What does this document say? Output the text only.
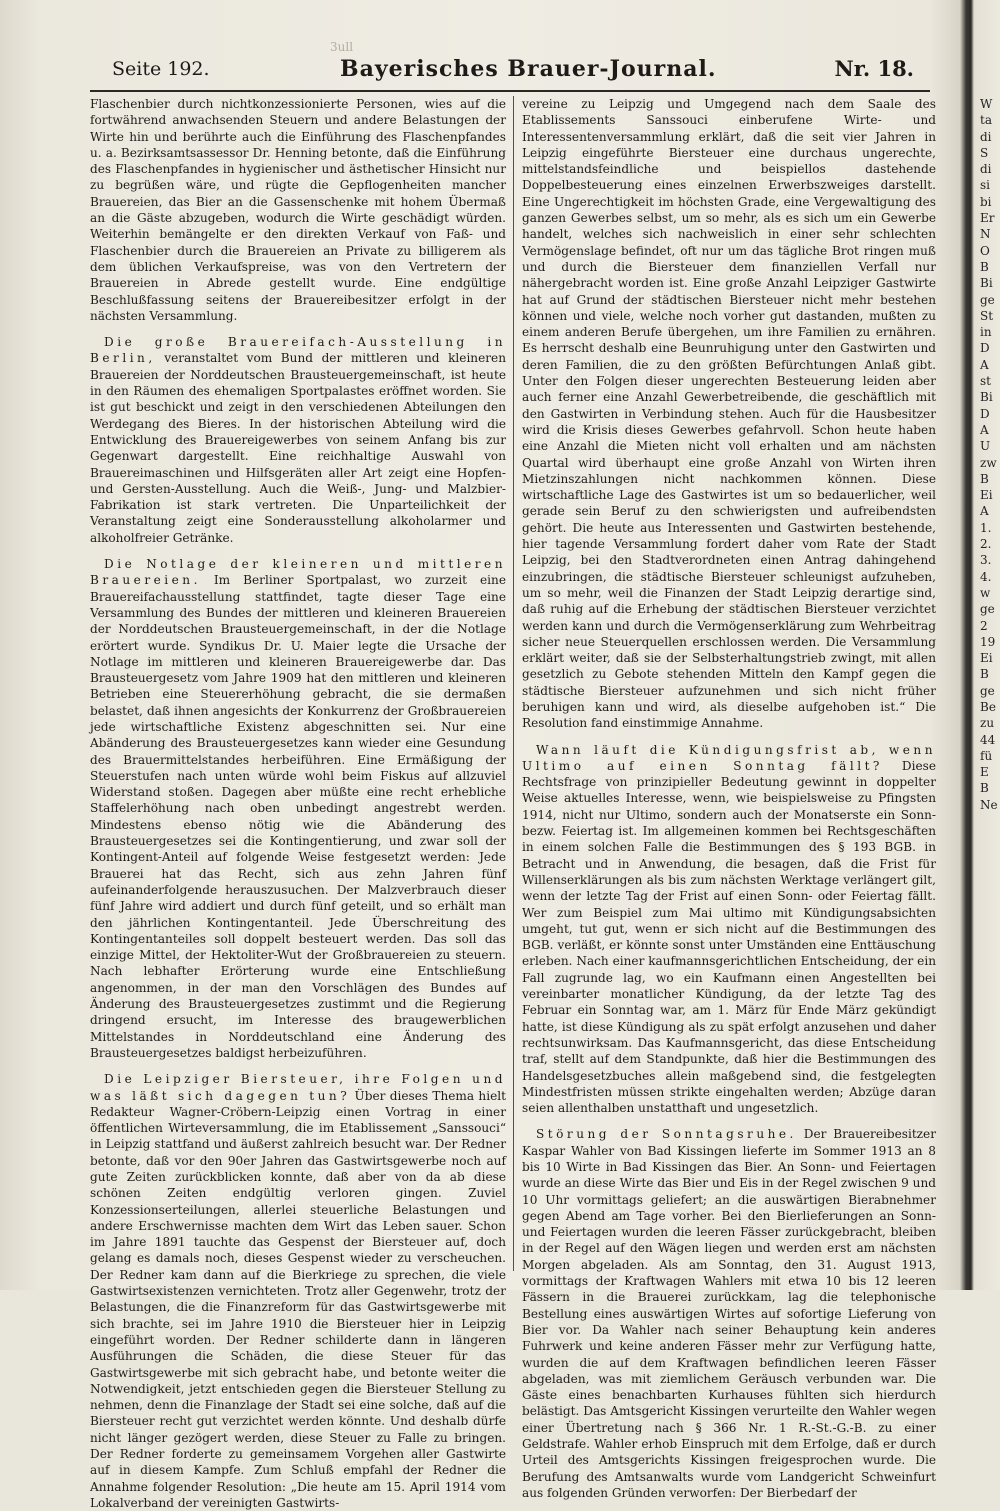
3ull
Seite 192.	Bayerisches Brauer-Journal.	Nr. 18.

Flaschenbier durch nichtkonzessionierte Personen, wies auf die fortwährend anwachsenden Steuern und andere Belastungen der Wirte hin und berührte auch die Einführung des Flaschenpfandes u. a. Bezirksamtsassessor Dr. Henning betonte, daß die Einführung des Flaschenpfandes in hygienischer und ästhetischer Hinsicht nur zu begrüßen wäre, und rügte die Gepflogenheiten mancher Brauereien, das Bier an die Gassenschenke mit hohem Übermaß an die Gäste abzugeben, wodurch die Wirte geschädigt würden. Weiterhin bemängelte er den direkten Verkauf von Faß- und Flaschenbier durch die Brauereien an Private zu billigerem als dem üblichen Verkaufspreise, was von den Vertretern der Brauereien in Abrede gestellt wurde. Eine endgültige Beschlußfassung seitens der Brauereibesitzer erfolgt in der nächsten Versammlung.

Die große Brauereifach-Ausstellung in Berlin, veranstaltet vom Bund der mittleren und kleineren Brauereien der Norddeutschen Brausteuergemeinschaft, ist heute in den Räumen des ehemaligen Sportpalastes eröffnet worden. Sie ist gut beschickt und zeigt in den verschiedenen Abteilungen den Werdegang des Bieres. In der historischen Abteilung wird die Entwicklung des Brauereigewerbes von seinem Anfang bis zur Gegenwart dargestellt. Eine reichhaltige Auswahl von Brauereimaschinen und Hilfsgeräten aller Art zeigt eine Hopfen- und Gersten-Ausstellung. Auch die Weiß-, Jung- und Malzbier-Fabrikation ist stark vertreten. Die Unparteilichkeit der Veranstaltung zeigt eine Sonderausstellung alkoholarmer und alkoholfreier Getränke.

Die Notlage der kleineren und mittleren Brauereien. Im Berliner Sportpalast, wo zurzeit eine Brauereifachausstellung stattfindet, tagte dieser Tage eine Versammlung des Bundes der mittleren und kleineren Brauereien der Norddeutschen Brausteuergemeinschaft, in der die Notlage erörtert wurde. Syndikus Dr. U. Maier legte die Ursache der Notlage im mittleren und kleineren Brauereigewerbe dar. Das Brausteuergesetz vom Jahre 1909 hat den mittleren und kleineren Betrieben eine Steuererhöhung gebracht, die sie dermaßen belastet, daß ihnen angesichts der Konkurrenz der Großbrauereien jede wirtschaftliche Existenz abgeschnitten sei. Nur eine Abänderung des Brausteuergesetzes kann wieder eine Gesundung des Brauermittelstandes herbeiführen. Eine Ermäßigung der Steuerstufen nach unten würde wohl beim Fiskus auf allzuviel Widerstand stoßen. Dagegen aber müßte eine recht erhebliche Staffelerhöhung nach oben unbedingt angestrebt werden. Mindestens ebenso nötig wie die Abänderung des Brausteuergesetzes sei die Kontingentierung, und zwar soll der Kontingent-Anteil auf folgende Weise festgesetzt werden: Jede Brauerei hat das Recht, sich aus zehn Jahren fünf aufeinanderfolgende herauszusuchen. Der Malzverbrauch dieser fünf Jahre wird addiert und durch fünf geteilt, und so erhält man den jährlichen Kontingentanteil. Jede Überschreitung des Kontingentanteiles soll doppelt besteuert werden. Das soll das einzige Mittel, der Hektoliter-Wut der Großbrauereien zu steuern. Nach lebhafter Erörterung wurde eine Entschließung angenommen, in der man den Vorschlägen des Bundes auf Änderung des Brausteuergesetzes zustimmt und die Regierung dringend ersucht, im Interesse des braugewerblichen Mittelstandes in Norddeutschland eine Änderung des Brausteuergesetzes baldigst herbeizuführen.

Die Leipziger Biersteuer, ihre Folgen und was läßt sich dagegen tun? Über dieses Thema hielt Redakteur Wagner-Cröbern-Leipzig einen Vortrag in einer öffentlichen Wirteversammlung, die im Etablissement „Sanssouci“ in Leipzig stattfand und äußerst zahlreich besucht war. Der Redner betonte, daß vor den 90er Jahren das Gastwirtsgewerbe noch auf gute Zeiten zurückblicken konnte, daß aber von da ab diese schönen Zeiten endgültig verloren gingen. Zuviel Konzessionserteilungen, allerlei steuerliche Belastungen und andere Erschwernisse machten dem Wirt das Leben sauer. Schon im Jahre 1891 tauchte das Gespenst der Biersteuer auf, doch gelang es damals noch, dieses Gespenst wieder zu verscheuchen. Der Redner kam dann auf die Bierkriege zu sprechen, die viele Gastwirtsexistenzen vernichteten. Trotz aller Gegenwehr, trotz der Belastungen, die die Finanzreform für das Gastwirtsgewerbe mit sich brachte, sei im Jahre 1910 die Biersteuer hier in Leipzig eingeführt worden. Der Redner schilderte dann in längeren Ausführungen die Schäden, die diese Steuer für das Gastwirtsgewerbe mit sich gebracht habe, und betonte weiter die Notwendigkeit, jetzt entschieden gegen die Biersteuer Stellung zu nehmen, denn die Finanzlage der Stadt sei eine solche, daß auf die Biersteuer recht gut verzichtet werden könnte. Und deshalb dürfe nicht länger gezögert werden, diese Steuer zu Falle zu bringen. Der Redner forderte zu gemeinsamem Vorgehen aller Gastwirte auf in diesem Kampfe. Zum Schluß empfahl der Redner die Annahme folgender Resolution: „Die heute am 15. April 1914 vom Lokalverband der vereinigten Gastwirts-

vereine zu Leipzig und Umgegend nach dem Saale des Etablissements Sanssouci einberufene Wirte- und Interessentenversammlung erklärt, daß die seit vier Jahren in Leipzig eingeführte Biersteuer eine durchaus ungerechte, mittelstandsfeindliche und beispiellos dastehende Doppelbesteuerung eines einzelnen Erwerbszweiges darstellt. Eine Ungerechtigkeit im höchsten Grade, eine Vergewaltigung des ganzen Gewerbes selbst, um so mehr, als es sich um ein Gewerbe handelt, welches sich nachweislich in einer sehr schlechten Vermögenslage befindet, oft nur um das tägliche Brot ringen muß und durch die Biersteuer dem finanziellen Verfall nur nähergebracht worden ist. Eine große Anzahl Leipziger Gastwirte hat auf Grund der städtischen Biersteuer nicht mehr bestehen können und viele, welche noch vorher gut dastanden, mußten zu einem anderen Berufe übergehen, um ihre Familien zu ernähren. Es herrscht deshalb eine Beunruhigung unter den Gastwirten und deren Familien, die zu den größten Befürchtungen Anlaß gibt. Unter den Folgen dieser ungerechten Besteuerung leiden aber auch ferner eine Anzahl Gewerbetreibende, die geschäftlich mit den Gastwirten in Verbindung stehen. Auch für die Hausbesitzer wird die Krisis dieses Gewerbes gefahrvoll. Schon heute haben eine Anzahl die Mieten nicht voll erhalten und am nächsten Quartal wird überhaupt eine große Anzahl von Wirten ihren Mietzinszahlungen nicht nachkommen können. Diese wirtschaftliche Lage des Gastwirtes ist um so bedauerlicher, weil gerade sein Beruf zu den schwierigsten und aufreibendsten gehört. Die heute aus Interessenten und Gastwirten bestehende, hier tagende Versammlung fordert daher vom Rate der Stadt Leipzig, bei den Stadtverordneten einen Antrag dahingehend einzubringen, die städtische Biersteuer schleunigst aufzuheben, um so mehr, weil die Finanzen der Stadt Leipzig derartige sind, daß ruhig auf die Erhebung der städtischen Biersteuer verzichtet werden kann und durch die Vermögenserklärung zum Wehrbeitrag sicher neue Steuerquellen erschlossen werden. Die Versammlung erklärt weiter, daß sie der Selbsterhaltungstrieb zwingt, mit allen gesetzlich zu Gebote stehenden Mitteln den Kampf gegen die städtische Biersteuer aufzunehmen und sich nicht früher beruhigen kann und wird, als dieselbe aufgehoben ist.“ Die Resolution fand einstimmige Annahme.

Wann läuft die Kündigungsfrist ab, wenn Ultimo auf einen Sonntag fällt? Diese Rechtsfrage von prinzipieller Bedeutung gewinnt in doppelter Weise aktuelles Interesse, wenn, wie beispielsweise zu Pfingsten 1914, nicht nur Ultimo, sondern auch der Monatserste ein Sonn- bezw. Feiertag ist. Im allgemeinen kommen bei Rechtsgeschäften in einem solchen Falle die Bestimmungen des § 193 BGB. in Betracht und in Anwendung, die besagen, daß die Frist für Willenserklärungen als bis zum nächsten Werktage verlängert gilt, wenn der letzte Tag der Frist auf einen Sonn- oder Feiertag fällt. Wer zum Beispiel zum Mai ultimo mit Kündigungsabsichten umgeht, tut gut, wenn er sich nicht auf die Bestimmungen des BGB. verläßt, er könnte sonst unter Umständen eine Enttäuschung erleben. Nach einer kaufmannsgerichtlichen Entscheidung, der ein Fall zugrunde lag, wo ein Kaufmann einen Angestellten bei vereinbarter monatlicher Kündigung, da der letzte Tag des Februar ein Sonntag war, am 1. März für Ende März gekündigt hatte, ist diese Kündigung als zu spät erfolgt anzusehen und daher rechtsunwirksam. Das Kaufmannsgericht, das diese Entscheidung traf, stellt auf dem Standpunkte, daß hier die Bestimmungen des Handelsgesetzbuches allein maßgebend sind, die festgelegten Mindestfristen müssen strikte eingehalten werden; Abzüge daran seien allenthalben unstatthaft und ungesetzlich.

Störung der Sonntagsruhe. Der Brauereibesitzer Kaspar Wahler von Bad Kissingen lieferte im Sommer 1913 an 8 bis 10 Wirte in Bad Kissingen das Bier. An Sonn- und Feiertagen wurde an diese Wirte das Bier und Eis in der Regel zwischen 9 und 10 Uhr vormittags geliefert; an die auswärtigen Bierabnehmer gegen Abend am Tage vorher. Bei den Bierlieferungen an Sonn- und Feiertagen wurden die leeren Fässer zurückgebracht, bleiben in der Regel auf den Wägen liegen und werden erst am nächsten Morgen abgeladen. Als am Sonntag, den 31. August 1913, vormittags der Kraftwagen Wahlers mit etwa 10 bis 12 leeren Fässern in die Brauerei zurückkam, lag die telephonische Bestellung eines auswärtigen Wirtes auf sofortige Lieferung von Bier vor. Da Wahler nach seiner Behauptung kein anderes Fuhrwerk und keine anderen Fässer mehr zur Verfügung hatte, wurden die auf dem Kraftwagen befindlichen leeren Fässer abgeladen, was mit ziemlichem Geräusch verbunden war. Die Gäste eines benachbarten Kurhauses fühlten sich hierdurch belästigt. Das Amtsgericht Kissingen verurteilte den Wahler wegen einer Übertretung nach § 366 Nr. 1 R.-St.-G.-B. zu einer Geldstrafe. Wahler erhob Einspruch mit dem Erfolge, daß er durch Urteil des Amtsgerichts Kissingen freigesprochen wurde. Die Berufung des Amtsanwalts wurde vom Landgericht Schweinfurt aus folgenden Gründen verworfen: Der Bierbedarf der

W
ta
di
S
di
si
bi
Er
N
O
B
Bi
ge
St
in
D
A
st
Bi
D
A
U
zw
B
Ei
A
1.
2.
3.
4.
w
ge
2
19
Ei
B
ge
Be
zu
44
fü
E
B
Ne
